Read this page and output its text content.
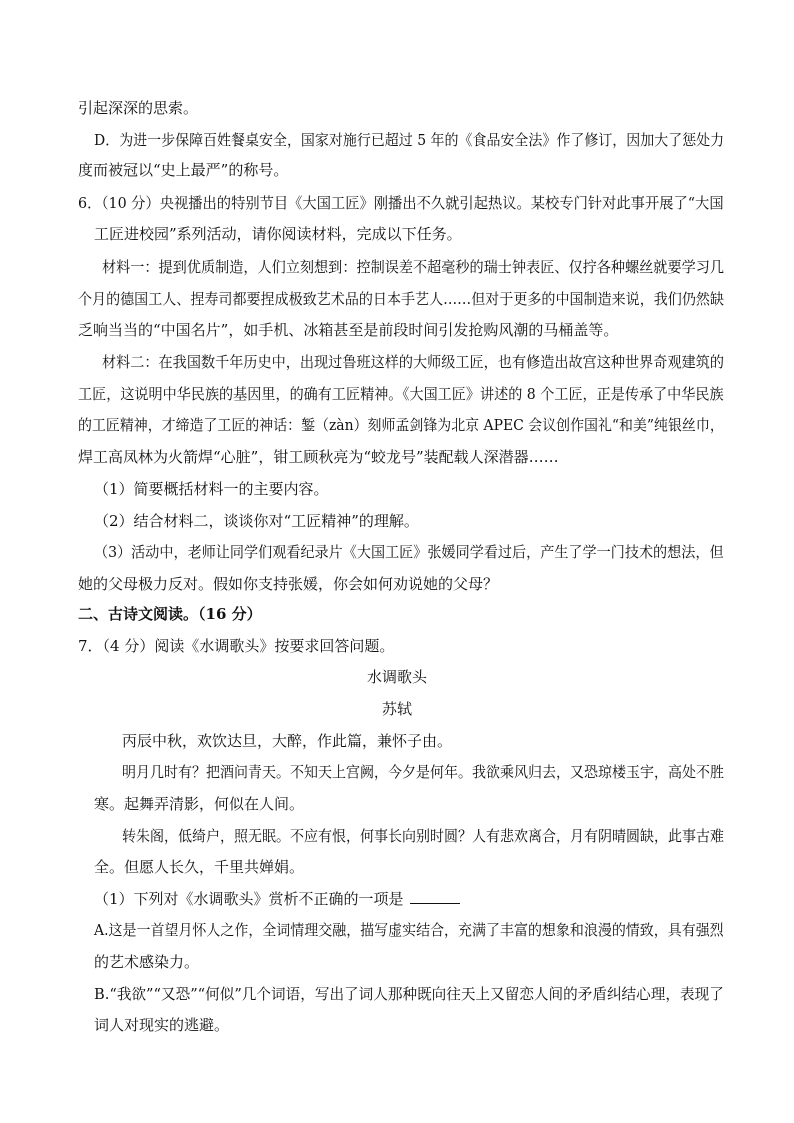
引起深深的思索。
D．为进一步保障百姓餐桌安全，国家对施行已超过 5 年的《食品安全法》作了修订，因加大了惩处力
度而被冠以“史上最严”的称号。
6．（10 分）央视播出的特别节目《大国工匠》刚播出不久就引起热议。某校专门针对此事开展了“大国
工匠进校园”系列活动，请你阅读材料，完成以下任务。
材料一：提到优质制造，人们立刻想到：控制误差不超毫秒的瑞士钟表匠、仅拧各种螺丝就要学习几
个月的德国工人、捏寿司都要捏成极致艺术品的日本手艺人……但对于更多的中国制造来说，我们仍然缺
乏响当当的“中国名片”，如手机、冰箱甚至是前段时间引发抢购风潮的马桶盖等。
材料二：在我国数千年历史中，出现过鲁班这样的大师级工匠，也有修造出故宫这种世界奇观建筑的
工匠，这说明中华民族的基因里，的确有工匠精神。《大国工匠》讲述的 8 个工匠，正是传承了中华民族
的工匠精神，才缔造了工匠的神话：錾（zàn）刻师孟剑锋为北京 APEC 会议创作国礼“和美”纯银丝巾，
焊工高凤林为火箭焊“心脏”，钳工顾秋亮为“蛟龙号”装配载人深潜器……
（1）简要概括材料一的主要内容。
（2）结合材料二，谈谈你对“工匠精神”的理解。
（3）活动中，老师让同学们观看纪录片《大国工匠》张媛同学看过后，产生了学一门技术的想法，但
她的父母极力反对。假如你支持张媛，你会如何劝说她的父母？
二、古诗文阅读。（16 分）
7．（4 分）阅读《水调歌头》按要求回答问题。
水调歌头
苏轼
丙辰中秋，欢饮达旦，大醉，作此篇，兼怀子由。
明月几时有？把酒问青天。不知天上宫阙，今夕是何年。我欲乘风归去，又恐琼楼玉宇，高处不胜
寒。起舞弄清影，何似在人间。
转朱阁，低绮户，照无眠。不应有恨，何事长向别时圆？人有悲欢离合，月有阴晴圆缺，此事古难
全。但愿人长久，千里共婵娟。
（1）下列对《水调歌头》赏析不正确的一项是
A.这是一首望月怀人之作，全词情理交融，描写虚实结合，充满了丰富的想象和浪漫的情致，具有强烈
的艺术感染力。
B.“我欲”“又恐”“何似”几个词语，写出了词人那种既向往天上又留恋人间的矛盾纠结心理，表现了
词人对现实的逃避。
